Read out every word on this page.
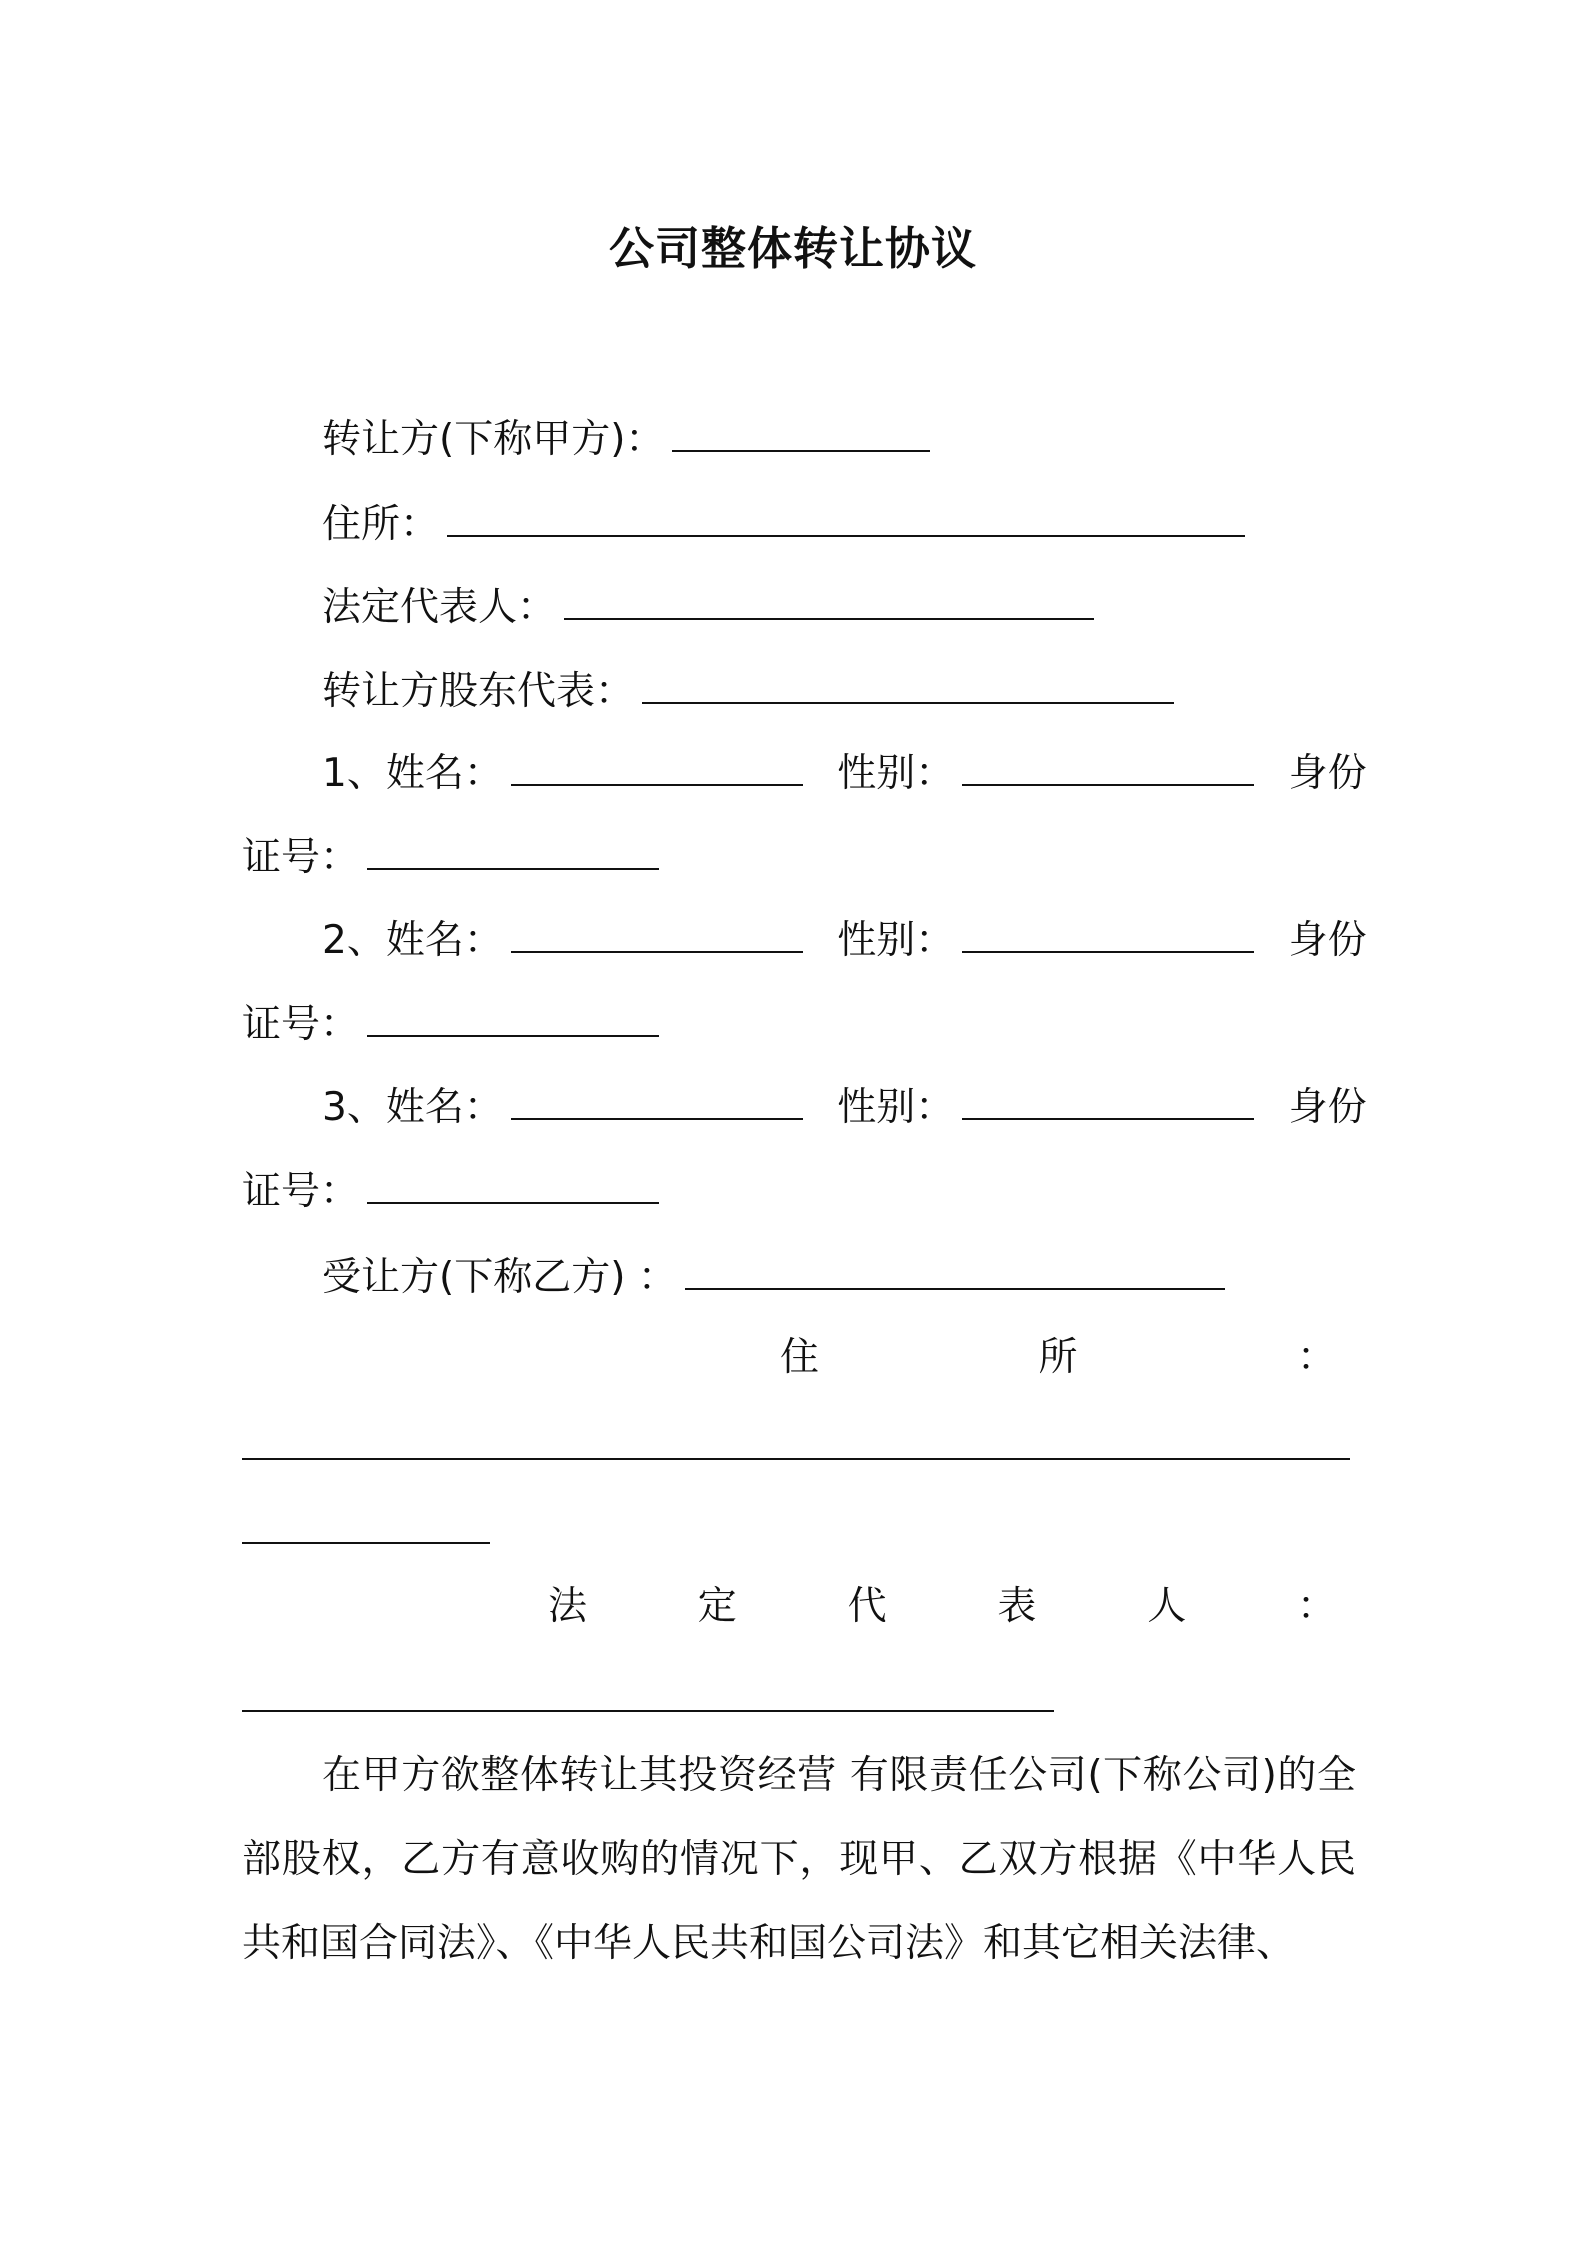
公司整体转让协议
转让方(下称甲方)：
住所：
法定代表人：
转让方股东代表：
1、姓名：	性别：	身份
证号：
2、姓名：	性别：	身份
证号：
3、姓名：	性别：	身份
证号：
受让方(下称乙方) ：
住	所	：
法	定	代	表	人	：
在甲方欲整体转让其投资经营 有限责任公司(下称公司)的全部股权，乙方有意收购的情况下，现甲、乙双方根据《中华人民共和国合同法》、《中华人民共和国公司法》和其它相关法律、
